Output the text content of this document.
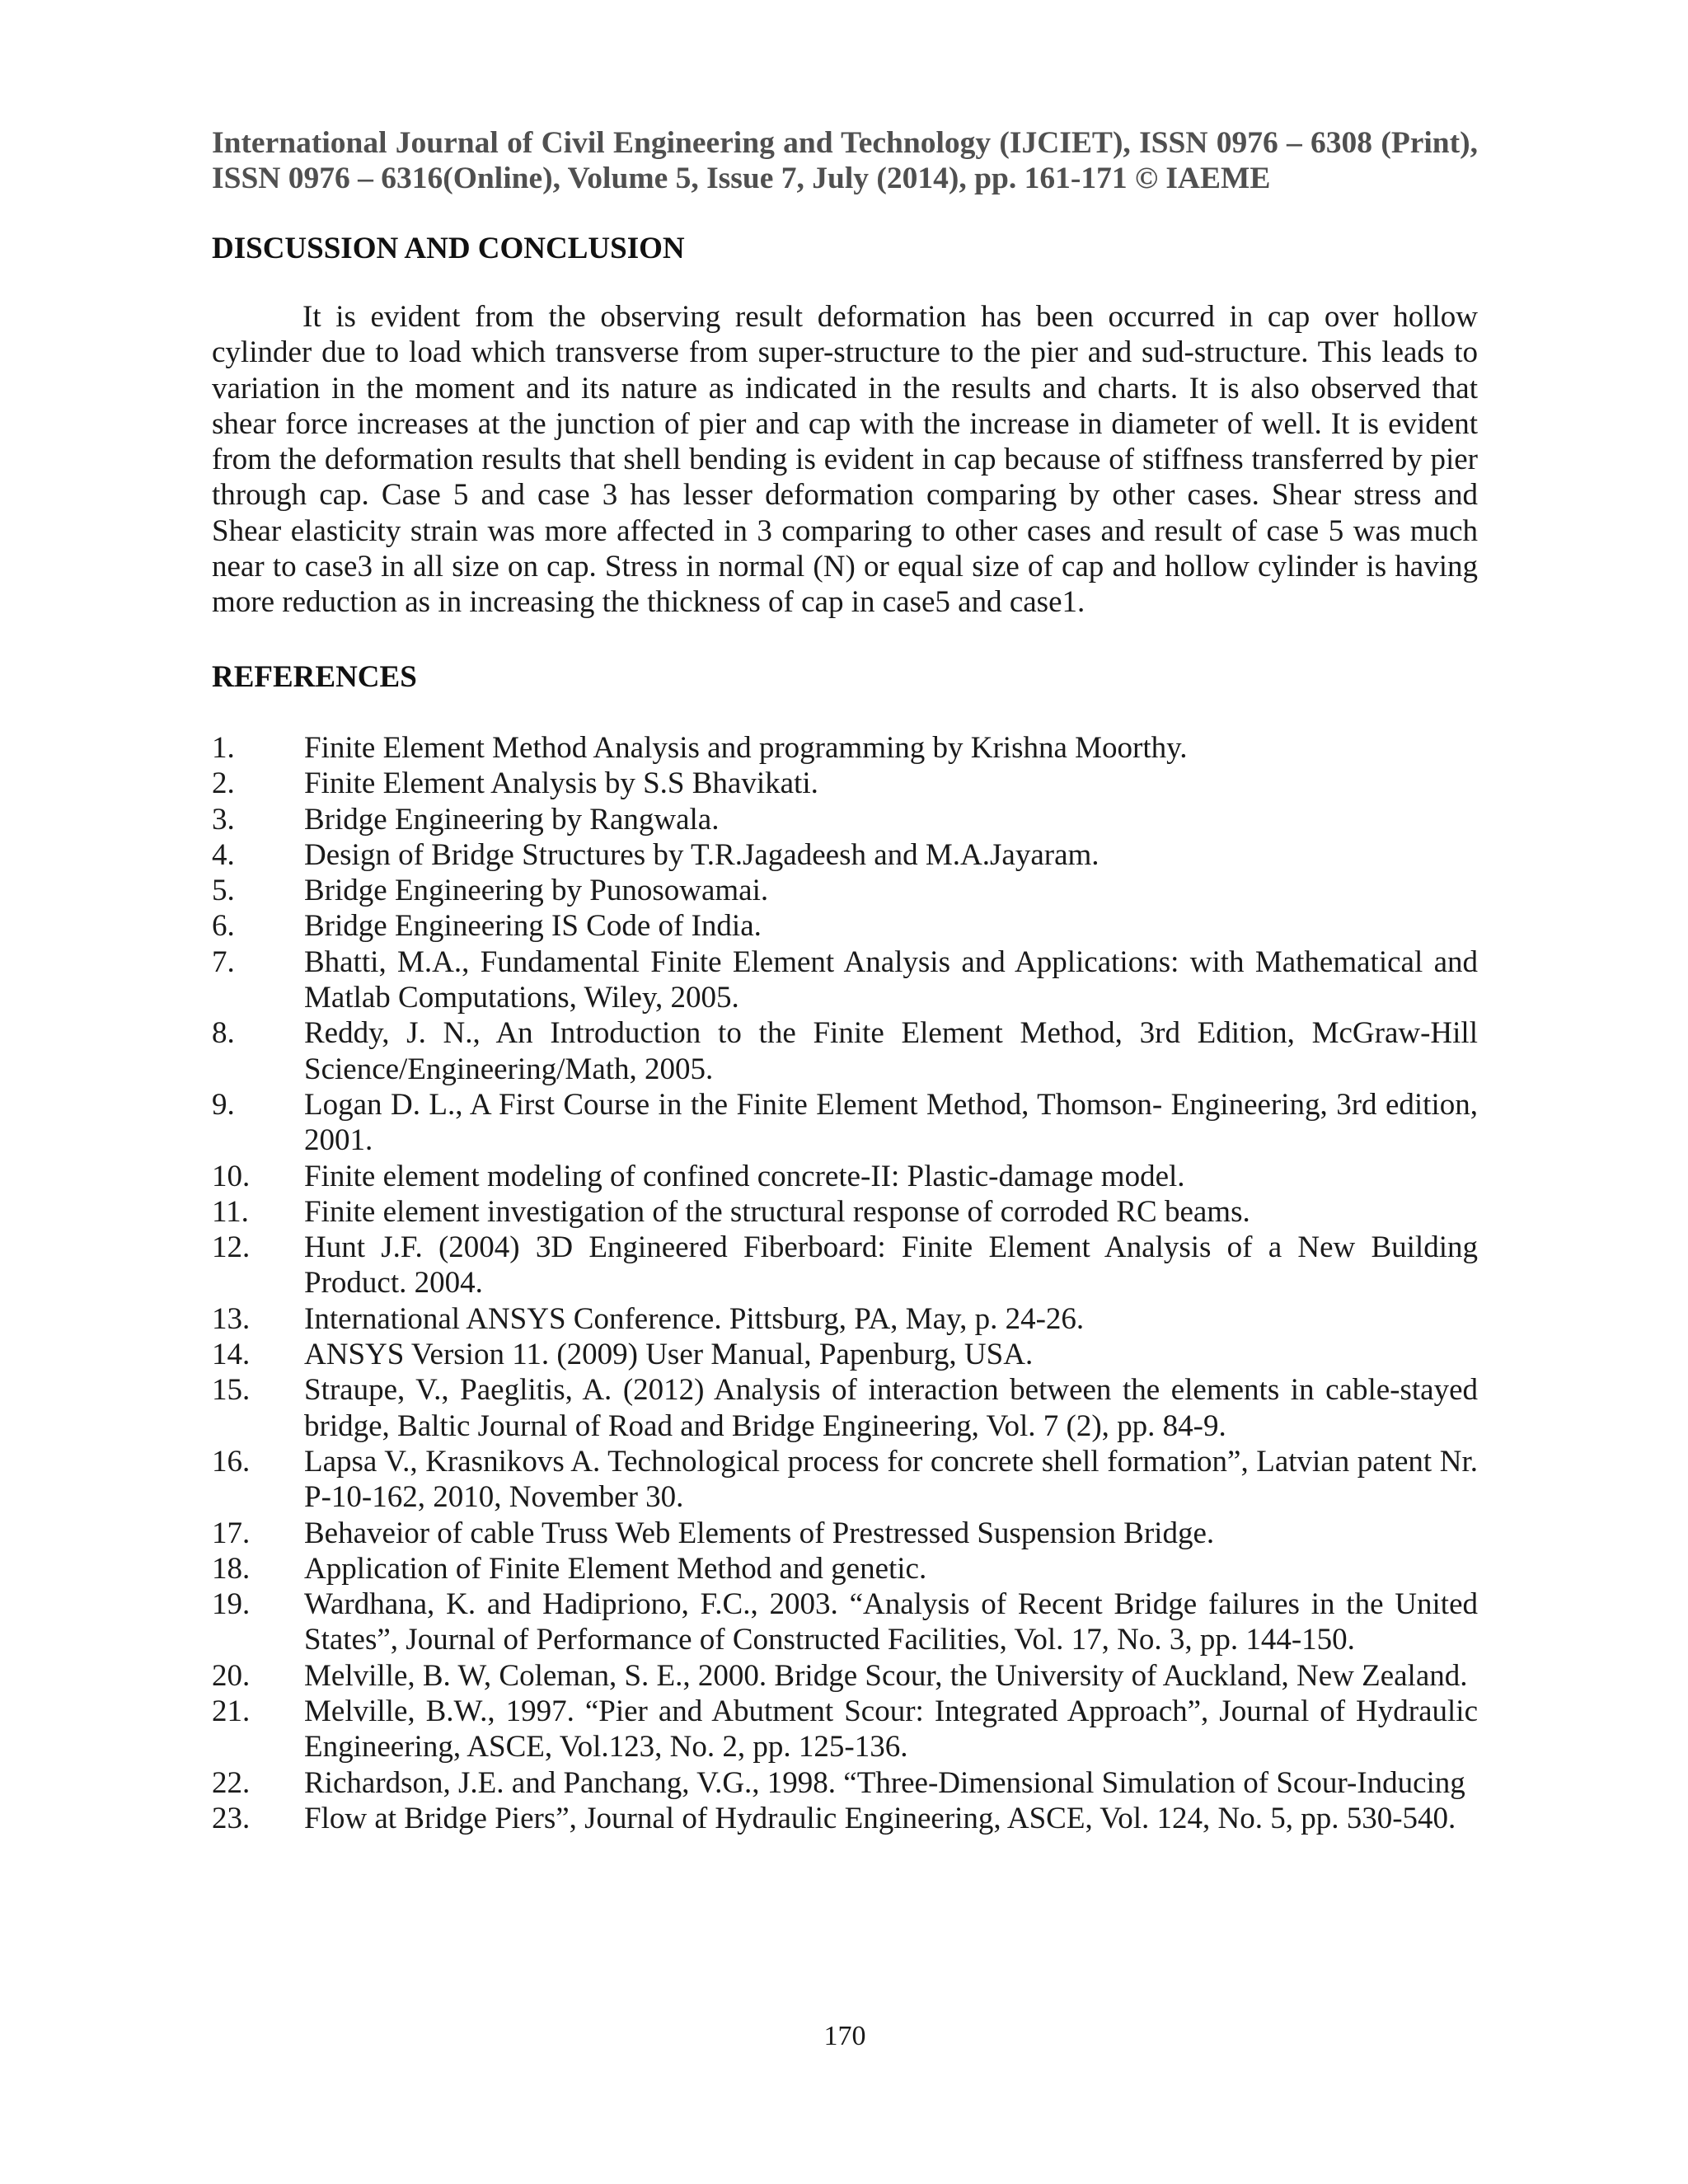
International Journal of Civil Engineering and Technology (IJCIET), ISSN 0976 – 6308 (Print), ISSN 0976 – 6316(Online), Volume 5, Issue 7, July (2014), pp. 161-171 © IAEME
DISCUSSION AND CONCLUSION

It is evident from the observing result deformation has been occurred in cap over hollow cylinder due to load which transverse from super-structure to the pier and sud-structure. This leads to variation in the moment and its nature as indicated in the results and charts. It is also observed that shear force increases at the junction of pier and cap with the increase in diameter of well. It is evident from the deformation results that shell bending is evident in cap because of stiffness transferred by pier through cap. Case 5 and case 3 has lesser deformation comparing by other cases. Shear stress and Shear elasticity strain was more affected in 3 comparing to other cases and result of case 5 was much near to case3 in all size on cap. Stress in normal (N) or equal size of cap and hollow cylinder is having more reduction as in increasing the thickness of cap in case5 and case1.

REFERENCES
1.	Finite Element Method Analysis and programming by Krishna Moorthy.
2.	Finite Element Analysis by S.S Bhavikati.
3.	Bridge Engineering by Rangwala.
4.	Design of Bridge Structures by T.R.Jagadeesh and M.A.Jayaram.
5.	Bridge Engineering by Punosowamai.
6.	Bridge Engineering IS Code of India.
7.	Bhatti, M.A., Fundamental Finite Element Analysis and Applications: with Mathematical and Matlab Computations, Wiley, 2005.
8.	Reddy, J. N., An Introduction to the Finite Element Method, 3rd Edition, McGraw-Hill Science/Engineering/Math, 2005.
9.	Logan D. L., A First Course in the Finite Element Method, Thomson- Engineering, 3rd edition, 2001.
10.	Finite element modeling of confined concrete-II: Plastic-damage model.
11.	Finite element investigation of the structural response of corroded RC beams.
12.	Hunt J.F. (2004) 3D Engineered Fiberboard: Finite Element Analysis of a New Building Product. 2004.
13.	International ANSYS Conference. Pittsburg, PA, May, p. 24-26.
14.	ANSYS Version 11. (2009) User Manual, Papenburg, USA.
15.	Straupe, V., Paeglitis, A. (2012) Analysis of interaction between the elements in cable-stayed bridge, Baltic Journal of Road and Bridge Engineering, Vol. 7 (2), pp. 84-9.
16.	Lapsa V., Krasnikovs A. Technological process for concrete shell formation”, Latvian patent Nr. P-10-162, 2010, November 30.
17.	Behaveior of cable Truss Web Elements of Prestressed Suspension Bridge.
18.	Application of Finite Element Method and genetic.
19.	Wardhana, K. and Hadipriono, F.C., 2003. “Analysis of Recent Bridge failures in the United States”, Journal of Performance of Constructed Facilities, Vol. 17, No. 3, pp. 144-150.
20.	Melville, B. W, Coleman, S. E., 2000. Bridge Scour, the University of Auckland, New Zealand.
21.	Melville, B.W., 1997. “Pier and Abutment Scour: Integrated Approach”, Journal of Hydraulic Engineering, ASCE, Vol.123, No. 2, pp. 125-136.
22.	Richardson, J.E. and Panchang, V.G., 1998. “Three-Dimensional Simulation of Scour-Inducing
23.	Flow at Bridge Piers”, Journal of Hydraulic Engineering, ASCE, Vol. 124, No. 5, pp. 530-540.
170
